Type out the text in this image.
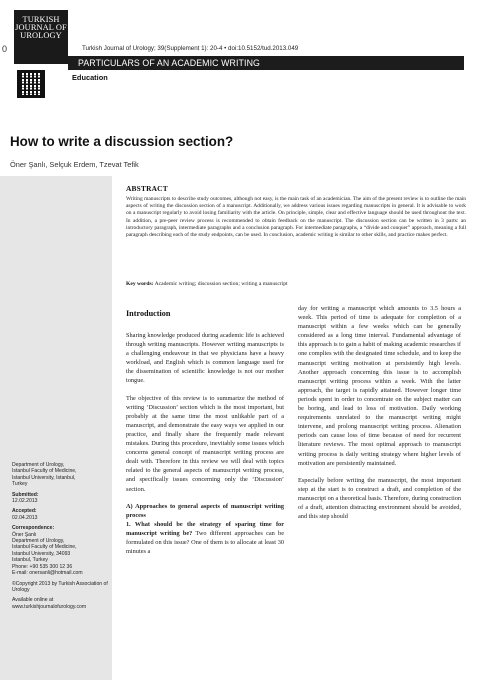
0
TURKISH
JOURNAL OF
UROLOGY
Turkish Journal of Urology; 39(Supplement 1): 20-4 • doi:10.5152/tud.2013.049
PARTICULARS OF AN ACADEMIC WRITING
Education
How to write a discussion section?
Öner Şanlı, Selçuk Erdem, Tzevat Tefik

Department of Urology,

Istanbul Faculty of Medicine,

Istanbul University, Istanbul,

Turkey

Submitted:

12.02.2013

Accepted:

02.04.2013

Correspondence:

Öner Şanlı

Department of Urology,

Istanbul Faculty of Medicine,

Istanbul University, 34093

Istanbul, Turkey

Phone: +90 535 300 12 36

E-mail: onersanli@hotmail.com

©Copyright 2013 by Turkish Association of Urology

Available online at

www.turkishjournalofurology.com

ABSTRACT
Writing manuscripts to describe study outcomes, although not easy, is the main task of an academician. The aim of the present review is to outline the main aspects of writing the discussion section of a manuscript. Additionally, we address various issues regarding manuscripts in general. It is advisable to work on a manuscript regularly to avoid losing familiarity with the article. On principle, simple, clear and effective language should be used throughout the text. In addition, a pre-peer review process is recommended to obtain feedback on the manuscript. The discussion section can be written in 3 parts: an introductory paragraph, intermediate paragraphs and a conclusion paragraph. For intermediate paragraphs, a “divide and conquer” approach, meaning a full paragraph describing each of the study endpoints, can be used. In conclusion, academic writing is similar to other skills, and practice makes perfect.
Key words: Academic writing; discussion section; writing a manuscript
Introduction

Sharing knowledge produced during academic life is achieved through writing manuscripts. However writing manuscripts is a challenging endeavour in that we physicians have a heavy workload, and English which is common language used for the dissemination of scientific knowledge is not our mother tongue.

The objective of this review is to summarize the method of writing ‘Discussion’ section which is the most important, but probably at the same time the most unlikable part of a manuscript, and demonstrate the easy ways we applied in our practice, and finally share the frequently made relevant mistakes. During this procedure, inevitably some issues which concerns general concept of manuscript writing process are dealt with. Therefore in this review we will deal with topics related to the general aspects of manuscript writing process, and specifically issues concerning only the ‘Discussion’ section.

A) Approaches to general aspects of manuscript writing process

1. What should be the strategy of sparing time for manuscript writing be? Two different approaches can be formulated on this issue? One of them is to allocate at least 30 minutes a

day for writing a manuscript which amounts to 3.5 hours a week. This period of time is adequate for completion of a manuscript within a few weeks which can be generally considered as a long time interval. Fundamental advantage of this approach is to gain a habit of making academic researches if one complies with the designated time schedule, and to keep the manuscript writing motivation at persistently high levels. Another approach concerning this issue is to accomplish manuscript writing process within a week. With the latter approach, the target is rapidly attained. However longer time periods spent in order to concentrate on the subject matter can be boring, and lead to loss of motivation. Daily working requirements unrelated to the manuscript writing might intervene, and prolong manuscript writing process. Alienation periods can cause loss of time because of need for recurrent literature reviews. The most optimal approach to manuscript writing process is daily writing strategy where higher levels of motivation are persistently maintained.

Especially before writing the manuscript, the most important step at the start is to construct a draft, and completion of the manuscript on a theoretical basis. Therefore, during construction of a draft, attention distracting environment should be avoided, and this step should
